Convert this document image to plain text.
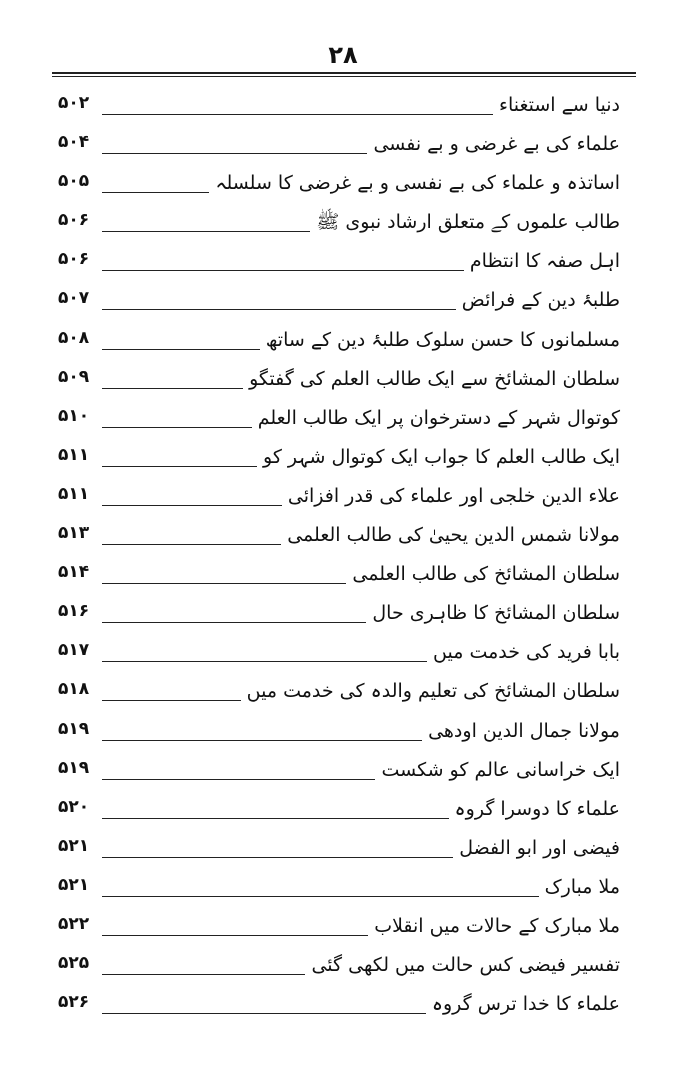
۲۸
دنیا سے استغناء
۵۰۲
علماء کی بے غرضی و بے نفسی
۵۰۴
اساتذہ و علماء کی بے نفسی و بے غرضی کا سلسلہ
۵۰۵
طالب علموں کے متعلق ارشاد نبوی ﷺ
۵۰۶
اہل صفہ کا انتظام
۵۰۶
طلبۂ دین کے فرائض
۵۰۷
مسلمانوں کا حسن سلوک طلبۂ دین کے ساتھ
۵۰۸
سلطان المشائخ سے ایک طالب العلم کی گفتگو
۵۰۹
کوتوال شہر کے دسترخوان پر ایک طالب العلم
۵۱۰
ایک طالب العلم کا جواب ایک کوتوال شہر کو
۵۱۱
علاء الدین خلجی اور علماء کی قدر افزائی
۵۱۱
مولانا شمس الدین یحییٰ کی طالب العلمی
۵۱۳
سلطان المشائخ کی طالب العلمی
۵۱۴
سلطان المشائخ کا ظاہری حال
۵۱۶
بابا فرید کی خدمت میں
۵۱۷
سلطان المشائخ کی تعلیم والدہ کی خدمت میں
۵۱۸
مولانا جمال الدین اودھی
۵۱۹
ایک خراسانی عالم کو شکست
۵۱۹
علماء کا دوسرا گروہ
۵۲۰
فیضی اور ابو الفضل
۵۲۱
ملا مبارک
۵۲۱
ملا مبارک کے حالات میں انقلاب
۵۲۲
تفسیر فیضی کس حالت میں لکھی گئی
۵۲۵
علماء کا خدا ترس گروہ
۵۲۶
